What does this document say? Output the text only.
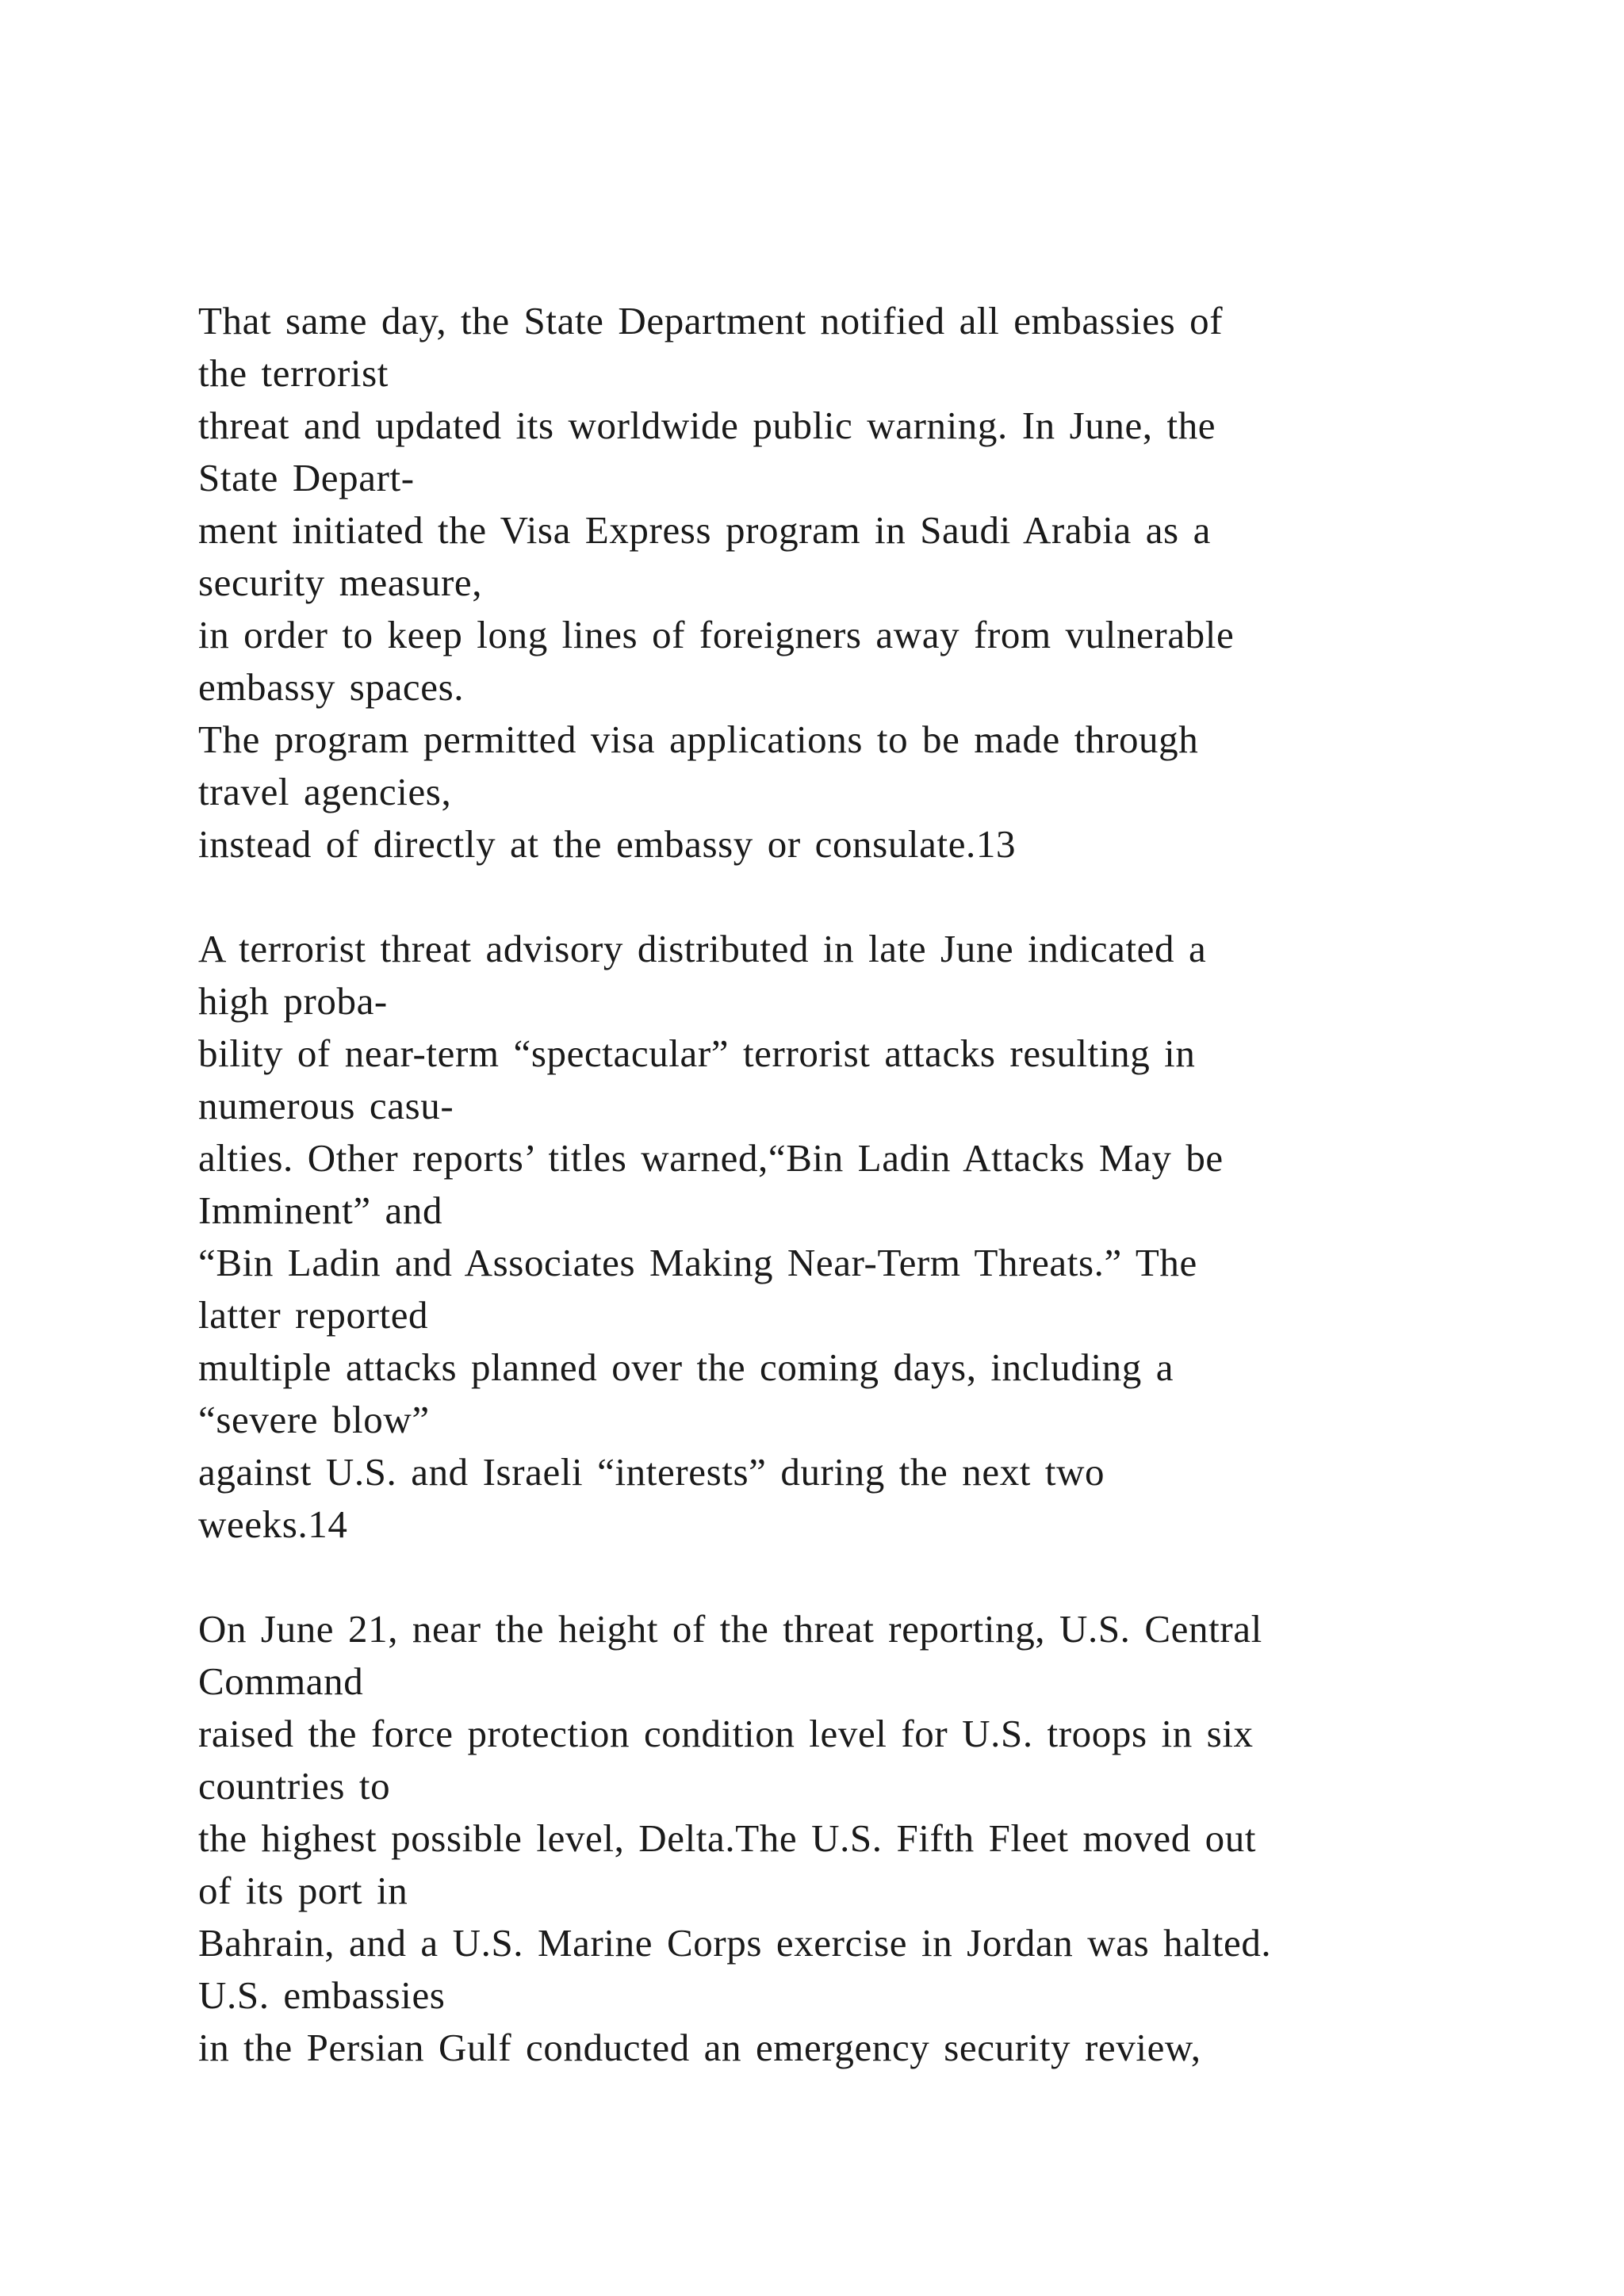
That same day, the State Department notified all embassies of
the terrorist
threat and updated its worldwide public warning. In June, the
State Depart-
ment initiated the Visa Express program in Saudi Arabia as a
security measure,
in order to keep long lines of foreigners away from vulnerable
embassy spaces.
The program permitted visa applications to be made through
travel agencies,
instead of directly at the embassy or consulate.13
A terrorist threat advisory distributed in late June indicated a
high proba-
bility of near-term “spectacular” terrorist attacks resulting in
numerous casu-
alties. Other reports’ titles warned,“Bin Ladin Attacks May be
Imminent” and
“Bin Ladin and Associates Making Near-Term Threats.” The
latter reported
multiple attacks planned over the coming days, including a
“severe blow”
against U.S. and Israeli “interests” during the next two
weeks.14
On June 21, near the height of the threat reporting, U.S. Central
Command
raised the force protection condition level for U.S. troops in six
countries to
the highest possible level, Delta.The U.S. Fifth Fleet moved out
of its port in
Bahrain, and a U.S. Marine Corps exercise in Jordan was halted.
U.S. embassies
in the Persian Gulf conducted an emergency security review,
